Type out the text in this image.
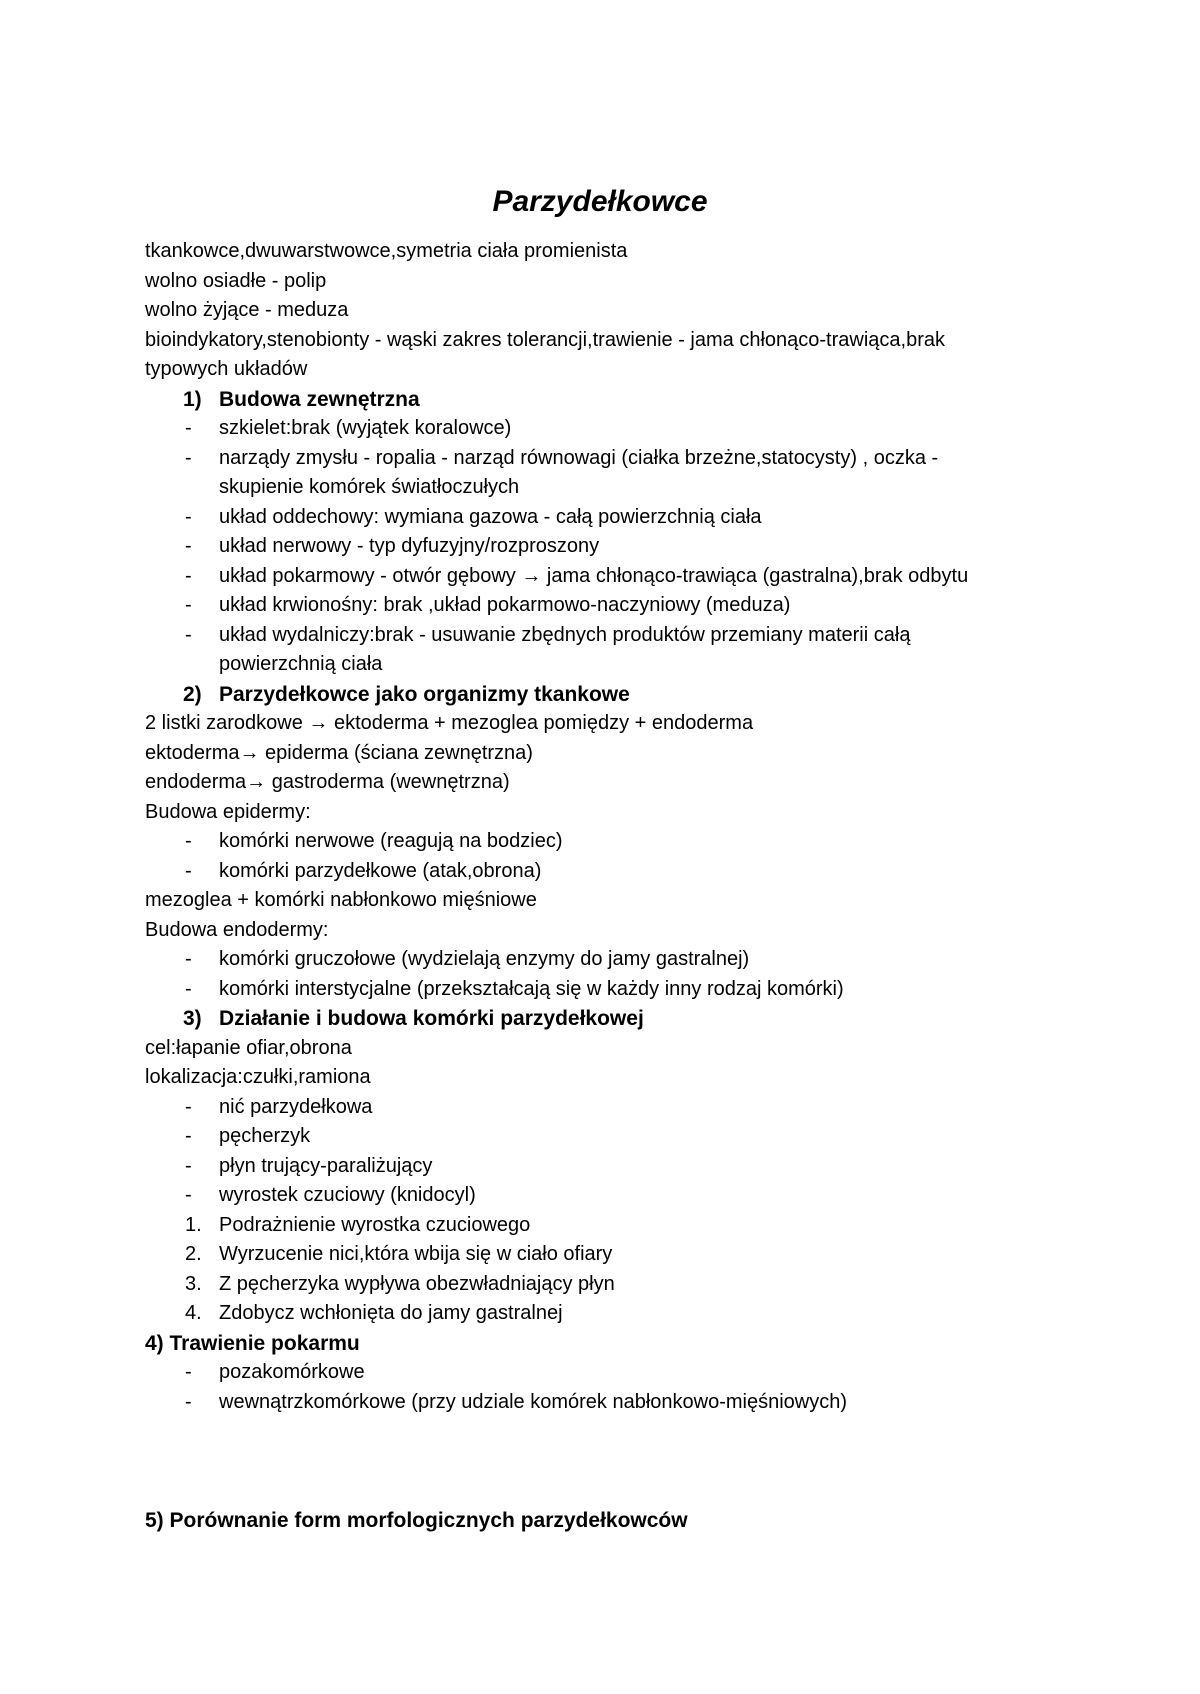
Parzydełkowce

tkankowce,dwuwarstwowce,symetria ciała promienista

wolno osiadłe - polip

wolno żyjące - meduza

bioindykatory,stenobionty - wąski zakres tolerancji,trawienie - jama chłonąco-trawiąca,brak

typowych układów

1) Budowa zewnętrzna

- szkielet:brak (wyjątek koralowce)

- narządy zmysłu - ropalia - narząd równowagi (ciałka brzeżne,statocysty) , oczka -

skupienie komórek światłoczułych

- układ oddechowy: wymiana gazowa - całą powierzchnią ciała

- układ nerwowy - typ dyfuzyjny/rozproszony

- układ pokarmowy - otwór gębowy → jama chłonąco-trawiąca (gastralna),brak odbytu

- układ krwionośny: brak ,układ pokarmowo-naczyniowy (meduza)

- układ wydalniczy:brak - usuwanie zbędnych produktów przemiany materii całą

powierzchnią ciała

2) Parzydełkowce jako organizmy tkankowe

2 listki zarodkowe → ektoderma + mezoglea pomiędzy + endoderma

ektoderma→ epiderma (ściana zewnętrzna)

endoderma→ gastroderma (wewnętrzna)

Budowa epidermy:

- komórki nerwowe (reagują na bodziec)

- komórki parzydełkowe (atak,obrona)

mezoglea + komórki nabłonkowo mięśniowe

Budowa endodermy:

- komórki gruczołowe (wydzielają enzymy do jamy gastralnej)

- komórki interstycjalne (przekształcają się w każdy inny rodzaj komórki)

3) Działanie i budowa komórki parzydełkowej

cel:łapanie ofiar,obrona

lokalizacja:czułki,ramiona

- nić parzydełkowa

- pęcherzyk

- płyn trujący-paraliżujący

- wyrostek czuciowy (knidocyl)

1. Podrażnienie wyrostka czuciowego

2. Wyrzucenie nici,która wbija się w ciało ofiary

3. Z pęcherzyka wypływa obezwładniający płyn

4. Zdobycz wchłonięta do jamy gastralnej

4) Trawienie pokarmu

- pozakomórkowe

- wewnątrzkomórkowe (przy udziale komórek nabłonkowo-mięśniowych)

5) Porównanie form morfologicznych parzydełkowców
